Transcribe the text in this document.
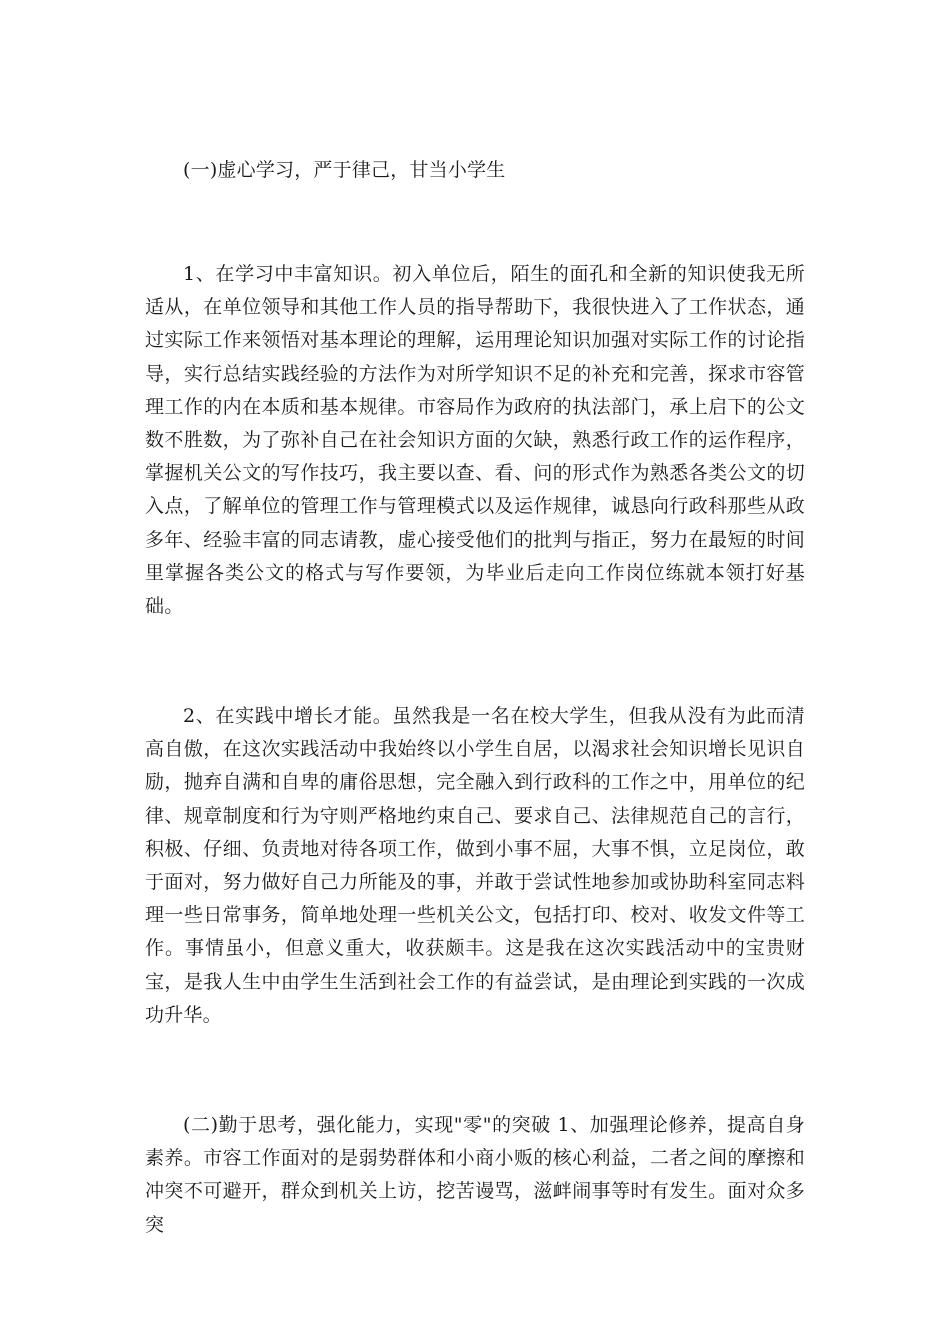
(一)虚心学习，严于律己，甘当小学生

1、在学习中丰富知识。初入单位后，陌生的面孔和全新的知识使我无所适从，在单位领导和其他工作人员的指导帮助下，我很快进入了工作状态，通过实际工作来领悟对基本理论的理解，运用理论知识加强对实际工作的讨论指导，实行总结实践经验的方法作为对所学知识不足的补充和完善，探求市容管理工作的内在本质和基本规律。市容局作为政府的执法部门，承上启下的公文数不胜数，为了弥补自己在社会知识方面的欠缺，熟悉行政工作的运作程序，掌握机关公文的写作技巧，我主要以查、看、问的形式作为熟悉各类公文的切入点，了解单位的管理工作与管理模式以及运作规律，诚恳向行政科那些从政多年、经验丰富的同志请教，虚心接受他们的批判与指正，努力在最短的时间里掌握各类公文的格式与写作要领，为毕业后走向工作岗位练就本领打好基础。

2、在实践中增长才能。虽然我是一名在校大学生，但我从没有为此而清高自傲，在这次实践活动中我始终以小学生自居，以渴求社会知识增长见识自励，抛弃自满和自卑的庸俗思想，完全融入到行政科的工作之中，用单位的纪律、规章制度和行为守则严格地约束自己、要求自己、法律规范自己的言行，积极、仔细、负责地对待各项工作，做到小事不屈，大事不惧，立足岗位，敢于面对，努力做好自己力所能及的事，并敢于尝试性地参加或协助科室同志料理一些日常事务，简单地处理一些机关公文，包括打印、校对、收发文件等工作。事情虽小，但意义重大，收获颇丰。这是我在这次实践活动中的宝贵财宝，是我人生中由学生生活到社会工作的有益尝试，是由理论到实践的一次成功升华。

(二)勤于思考，强化能力，实现"零"的突破 1、加强理论修养，提高自身素养。市容工作面对的是弱势群体和小商小贩的核心利益，二者之间的摩擦和冲突不可避开，群众到机关上访，挖苦谩骂，滋衅闹事等时有发生。面对众多突
